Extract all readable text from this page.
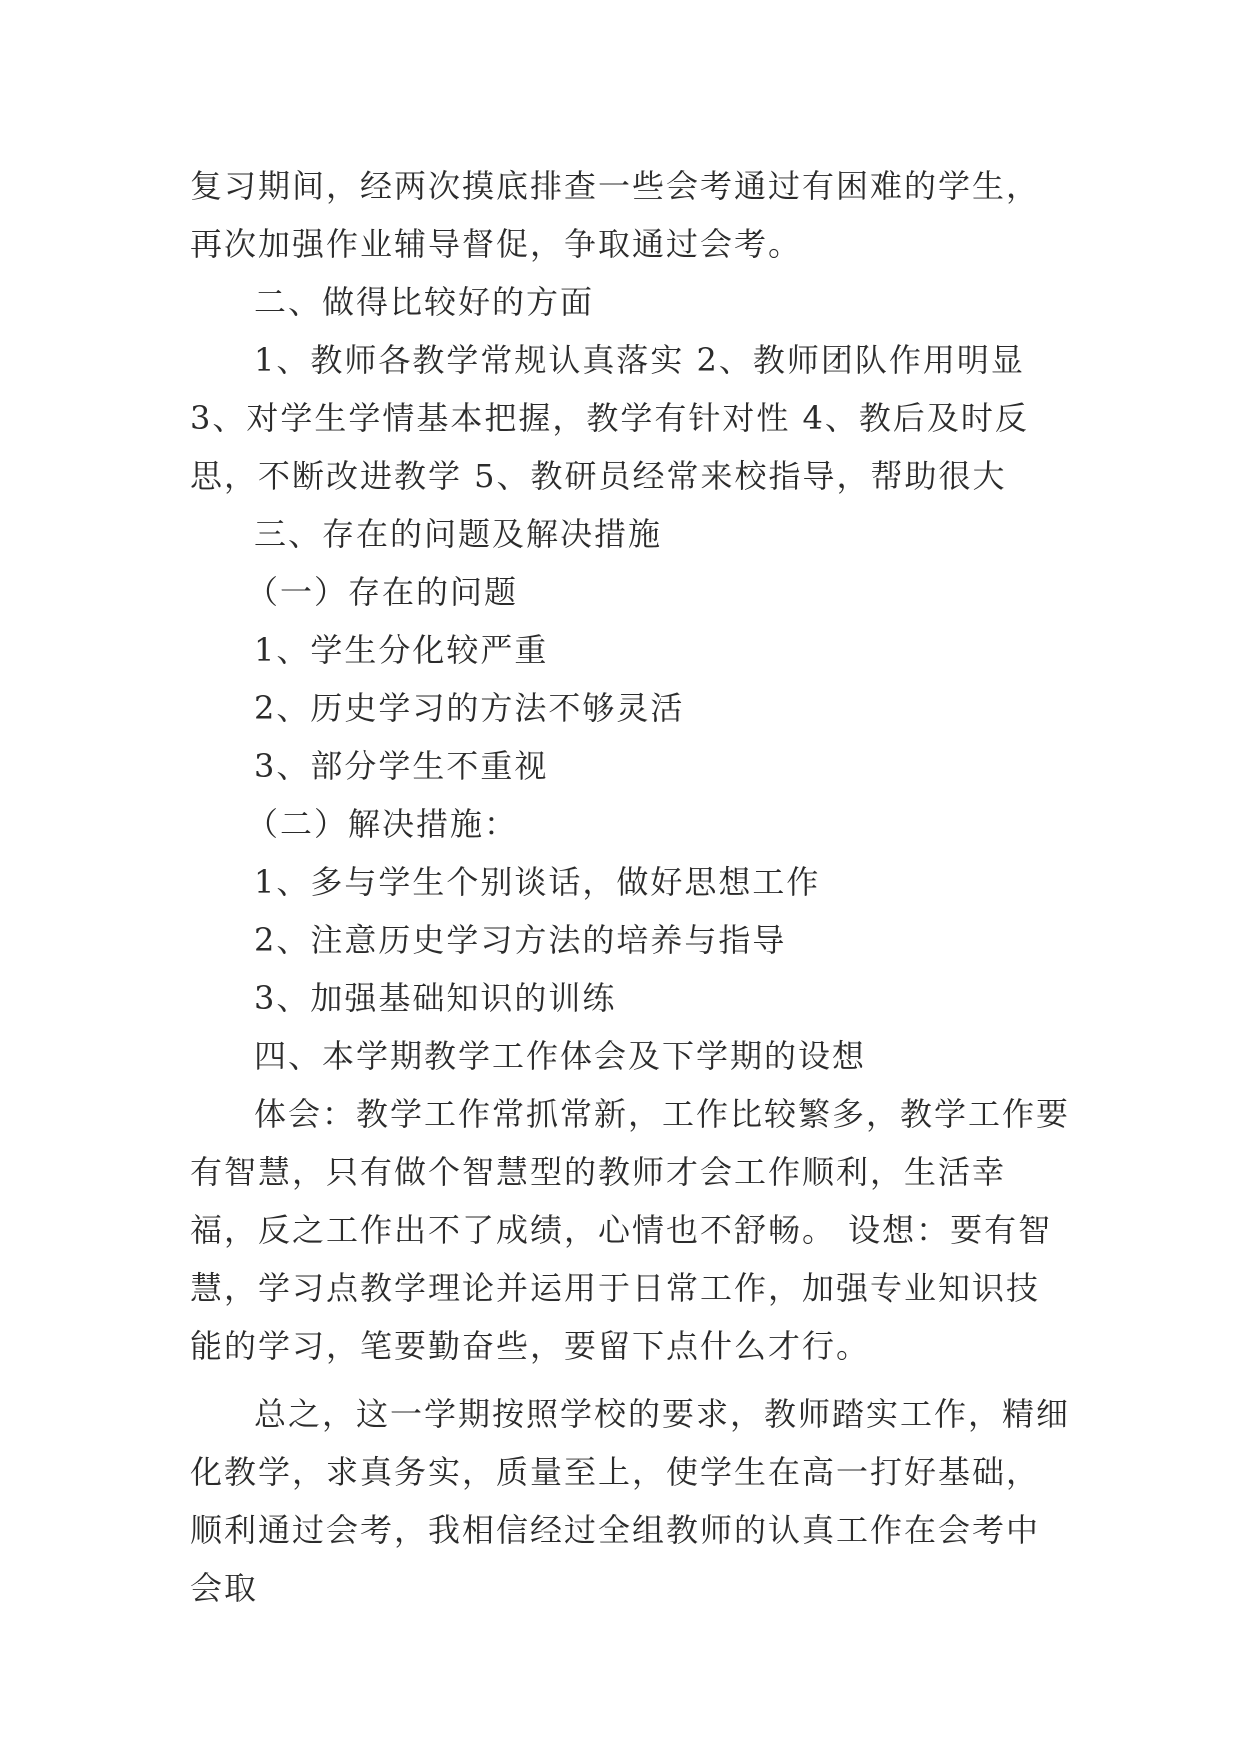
复习期间，经两次摸底排查一些会考通过有困难的学生，再次加强作业辅导督促，争取通过会考。

二、做得比较好的方面

1、教师各教学常规认真落实 2、教师团队作用明显 3、对学生学情基本把握，教学有针对性 4、教后及时反思，不断改进教学 5、教研员经常来校指导，帮助很大

三、存在的问题及解决措施

（一）存在的问题

1、学生分化较严重

2、历史学习的方法不够灵活

3、部分学生不重视

（二）解决措施：

1、多与学生个别谈话，做好思想工作

2、注意历史学习方法的培养与指导

3、加强基础知识的训练

四、本学期教学工作体会及下学期的设想

体会：教学工作常抓常新，工作比较繁多，教学工作要有智慧，只有做个智慧型的教师才会工作顺利，生活幸福，反之工作出不了成绩，心情也不舒畅。 设想：要有智慧，学习点教学理论并运用于日常工作，加强专业知识技能的学习，笔要勤奋些，要留下点什么才行。

总之，这一学期按照学校的要求，教师踏实工作，精细化教学，求真务实，质量至上，使学生在高一打好基础，顺利通过会考，我相信经过全组教师的认真工作在会考中会取
